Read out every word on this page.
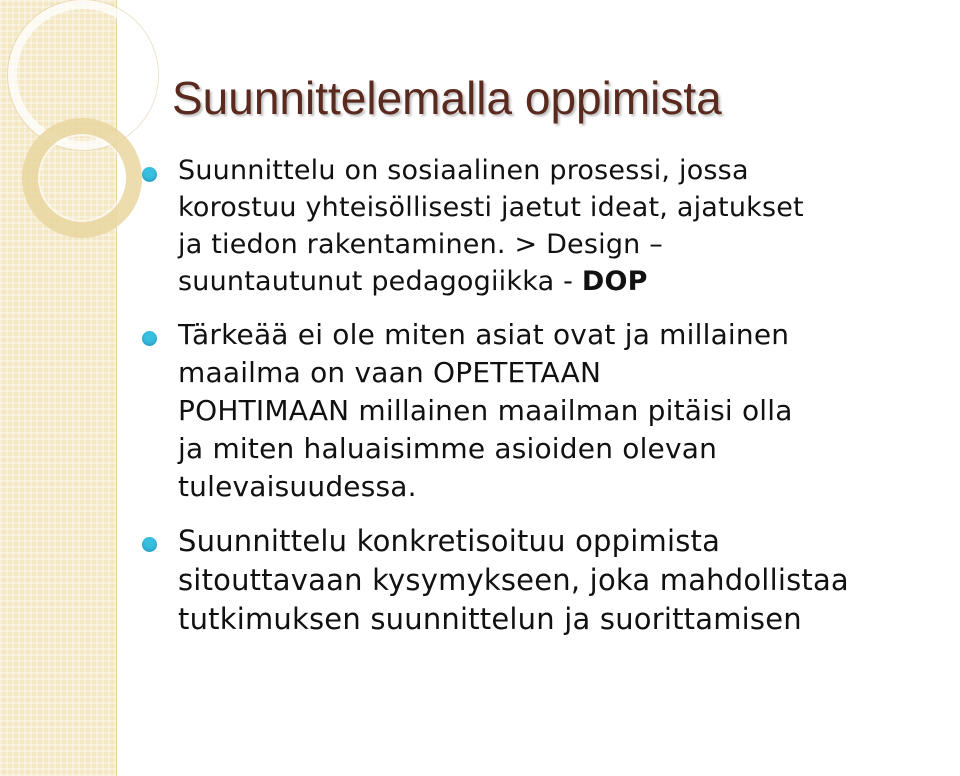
Suunnittelemalla oppimista
Suunnittelu on sosiaalinen prosessi, jossa
korostuu yhteisöllisesti jaetut ideat, ajatukset
ja tiedon rakentaminen. > Design –
suuntautunut pedagogiikka - DOP
Tärkeää ei ole miten asiat ovat ja millainen
maailma on vaan OPETETAAN
POHTIMAAN millainen maailman pitäisi olla
ja miten haluaisimme asioiden olevan
tulevaisuudessa.
Suunnittelu konkretisoituu oppimista
sitouttavaan kysymykseen, joka mahdollistaa
tutkimuksen suunnittelun ja suorittamisen
